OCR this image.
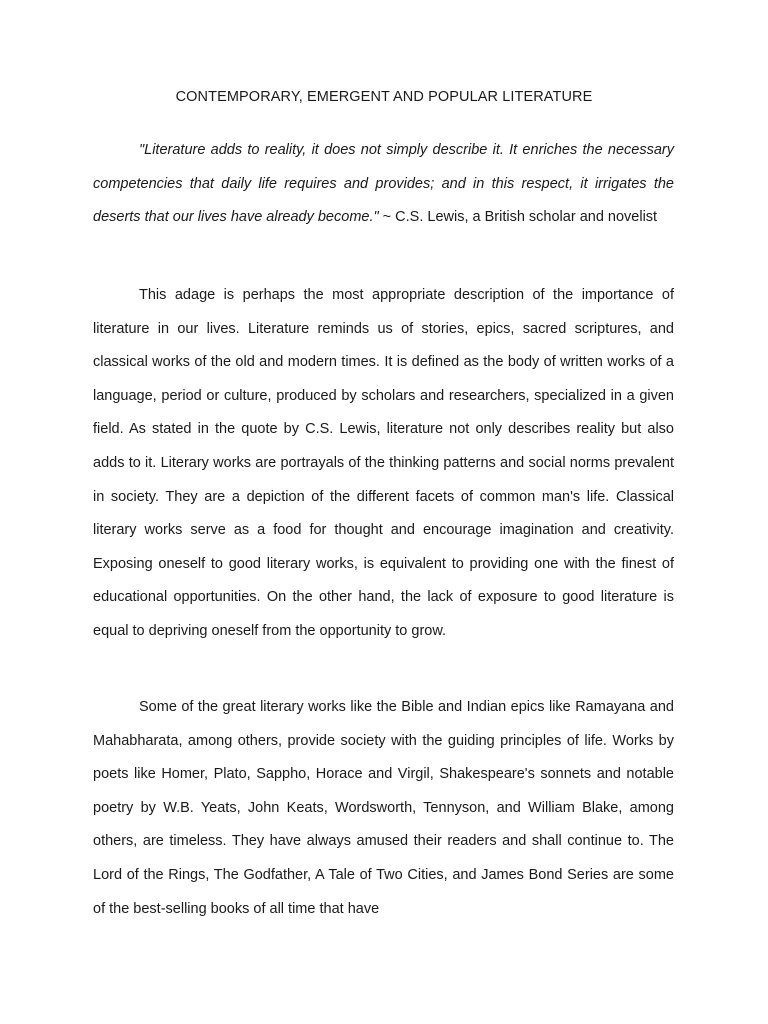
CONTEMPORARY, EMERGENT AND POPULAR LITERATURE

"Literature adds to reality, it does not simply describe it. It enriches the necessary competencies that daily life requires and provides; and in this respect, it irrigates the deserts that our lives have already become." ~ C.S. Lewis, a British scholar and novelist

This adage is perhaps the most appropriate description of the importance of literature in our lives. Literature reminds us of stories, epics, sacred scriptures, and classical works of the old and modern times. It is defined as the body of written works of a language, period or culture, produced by scholars and researchers, specialized in a given field. As stated in the quote by C.S. Lewis, literature not only describes reality but also adds to it. Literary works are portrayals of the thinking patterns and social norms prevalent in society. They are a depiction of the different facets of common man's life. Classical literary works serve as a food for thought and encourage imagination and creativity. Exposing oneself to good literary works, is equivalent to providing one with the finest of educational opportunities. On the other hand, the lack of exposure to good literature is equal to depriving oneself from the opportunity to grow.

Some of the great literary works like the Bible and Indian epics like Ramayana and Mahabharata, among others, provide society with the guiding principles of life. Works by poets like Homer, Plato, Sappho, Horace and Virgil, Shakespeare's sonnets and notable poetry by W.B. Yeats, John Keats, Wordsworth, Tennyson, and William Blake, among others, are timeless. They have always amused their readers and shall continue to. The Lord of the Rings, The Godfather, A Tale of Two Cities, and James Bond Series are some of the best-selling books of all time that have
